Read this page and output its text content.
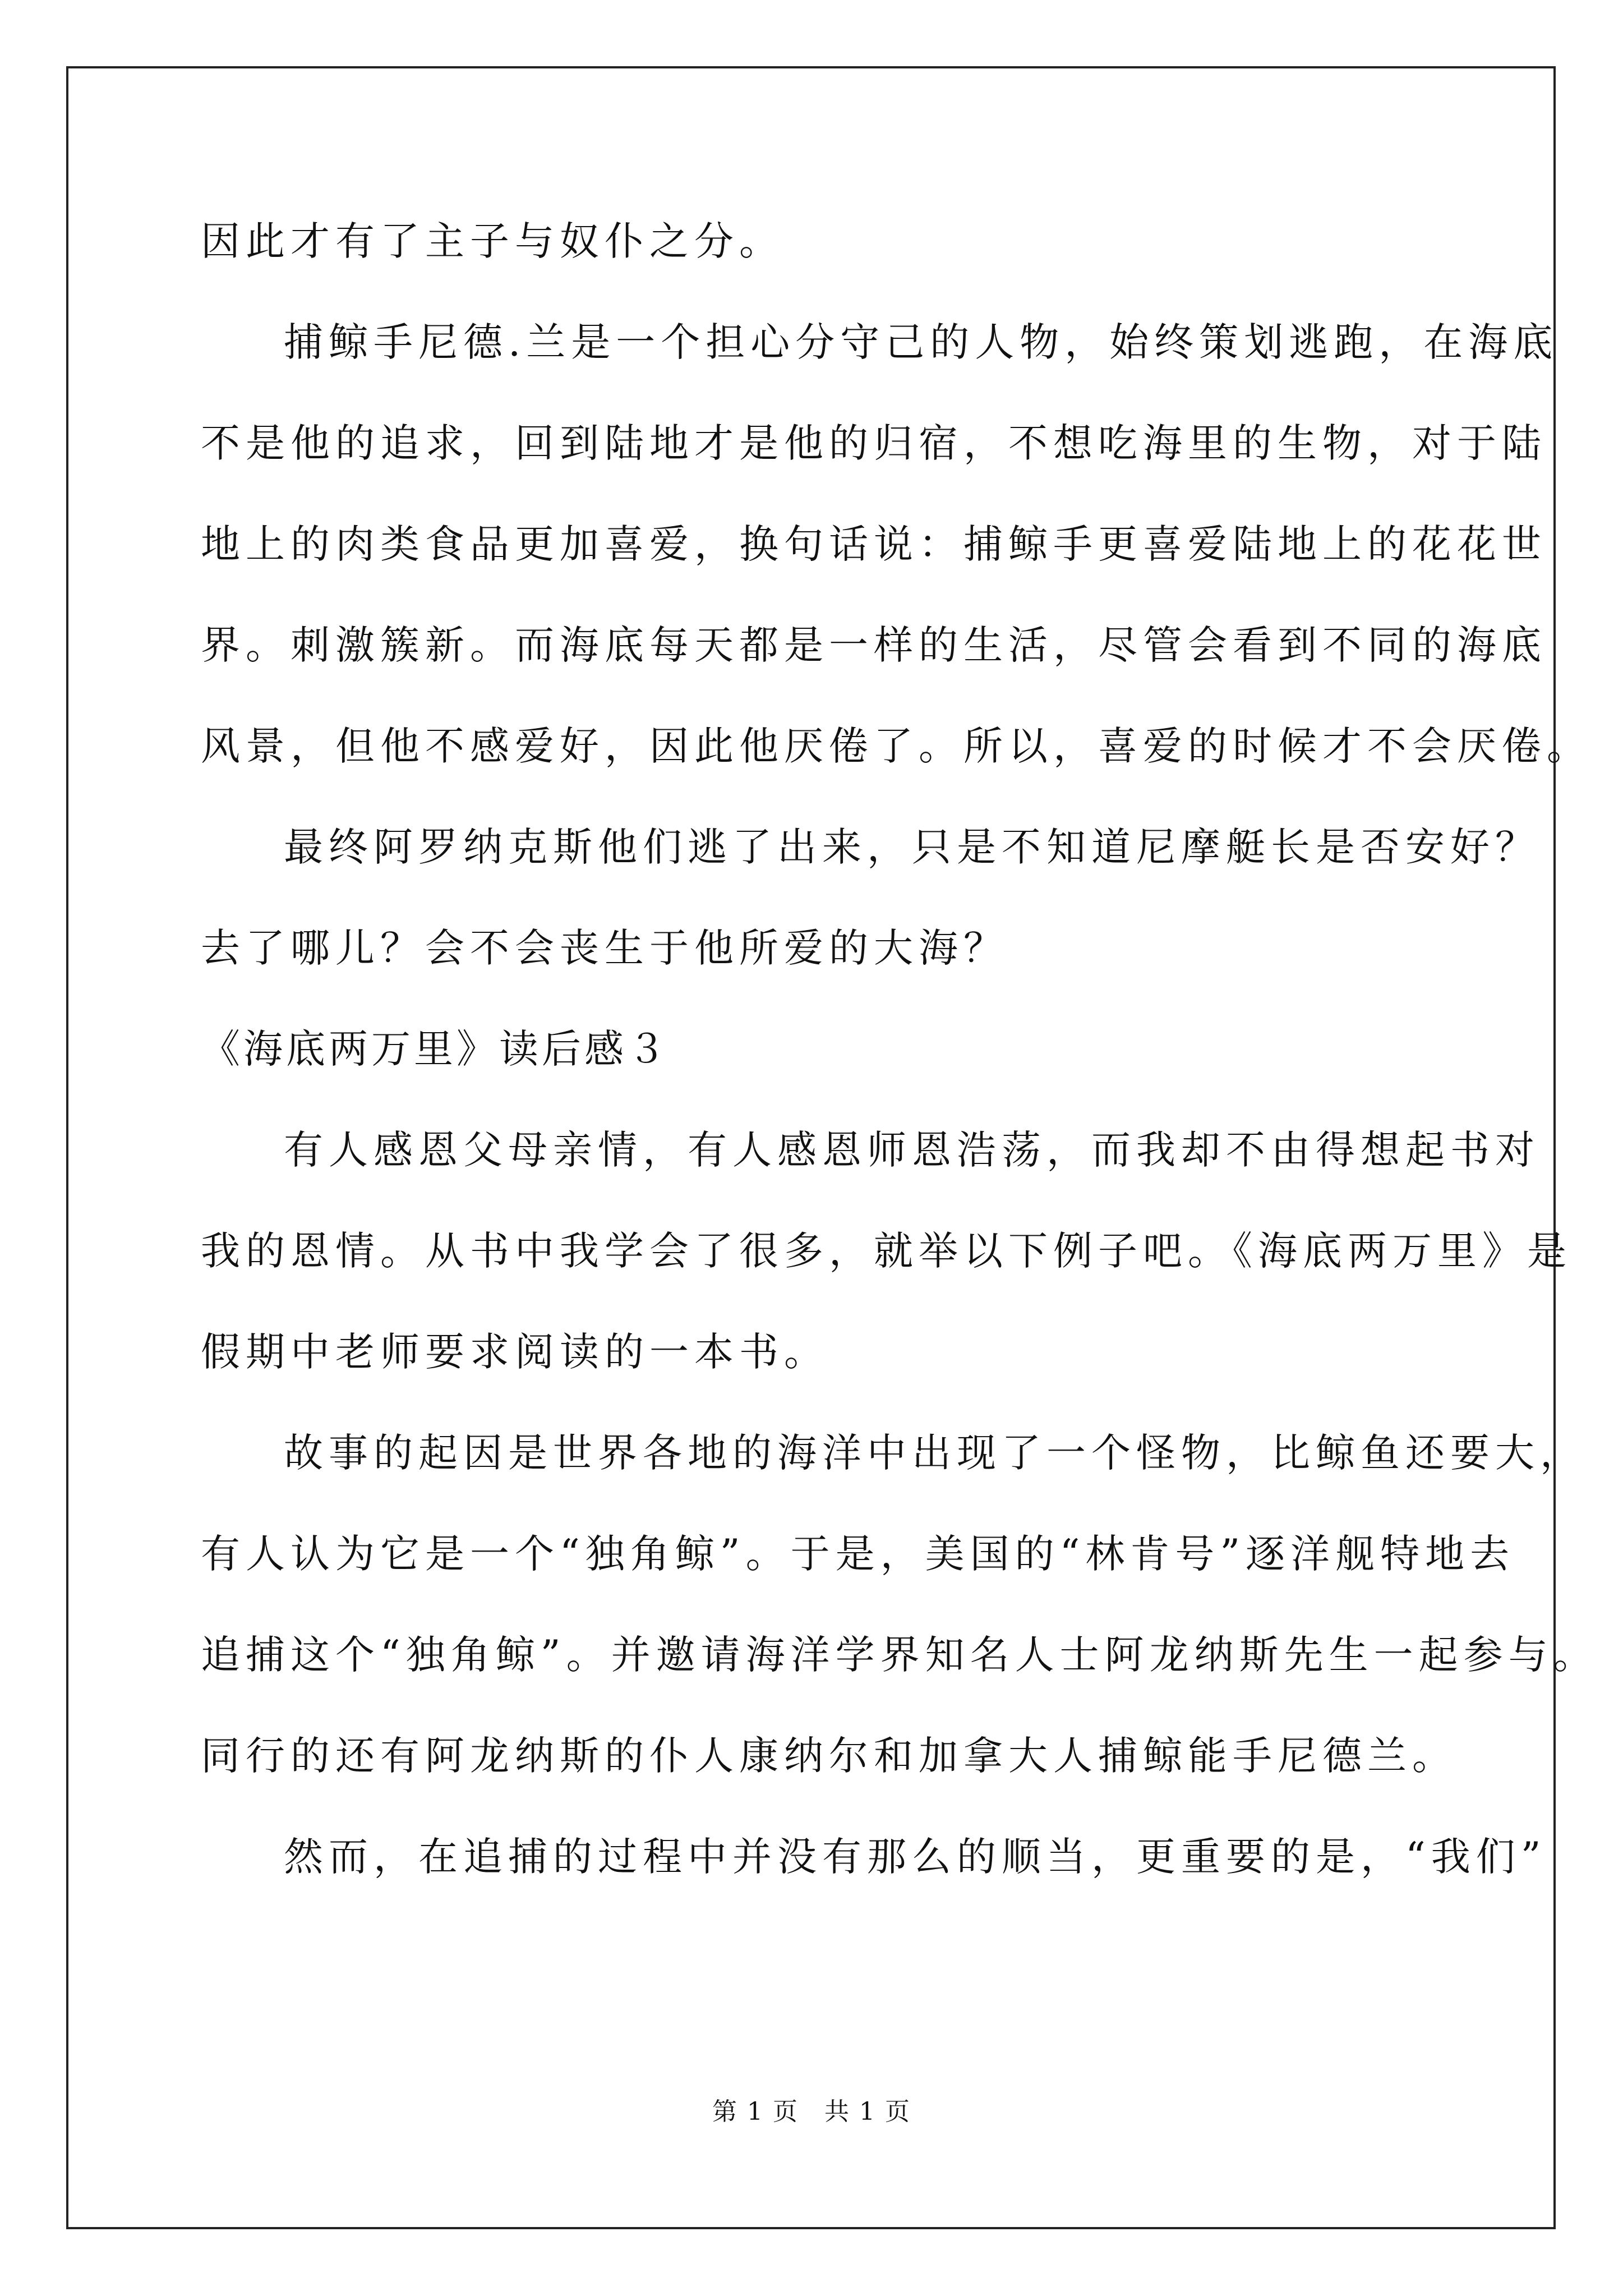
因此才有了主子与奴仆之分。
捕鲸手尼德.兰是一个担心分守己的人物，始终策划逃跑，在海底
不是他的追求，回到陆地才是他的归宿，不想吃海里的生物，对于陆
地上的肉类食品更加喜爱，换句话说：捕鲸手更喜爱陆地上的花花世
界。刺激簇新。而海底每天都是一样的生活，尽管会看到不同的海底
风景，但他不感爱好，因此他厌倦了。所以，喜爱的时候才不会厌倦。
最终阿罗纳克斯他们逃了出来，只是不知道尼摩艇长是否安好？
去了哪儿？会不会丧生于他所爱的大海？
《海底两万里》读后感３
有人感恩父母亲情，有人感恩师恩浩荡，而我却不由得想起书对
我的恩情。从书中我学会了很多，就举以下例子吧。《海底两万里》是
假期中老师要求阅读的一本书。
故事的起因是世界各地的海洋中出现了一个怪物，比鲸鱼还要大，
有人认为它是一个“独角鲸”。于是，美国的“林肯号”逐洋舰特地去
追捕这个“独角鲸”。并邀请海洋学界知名人士阿龙纳斯先生一起参与。
同行的还有阿龙纳斯的仆人康纳尔和加拿大人捕鲸能手尼德兰。
然而，在追捕的过程中并没有那么的顺当，更重要的是，“我们”
第 1 页　共 1 页
